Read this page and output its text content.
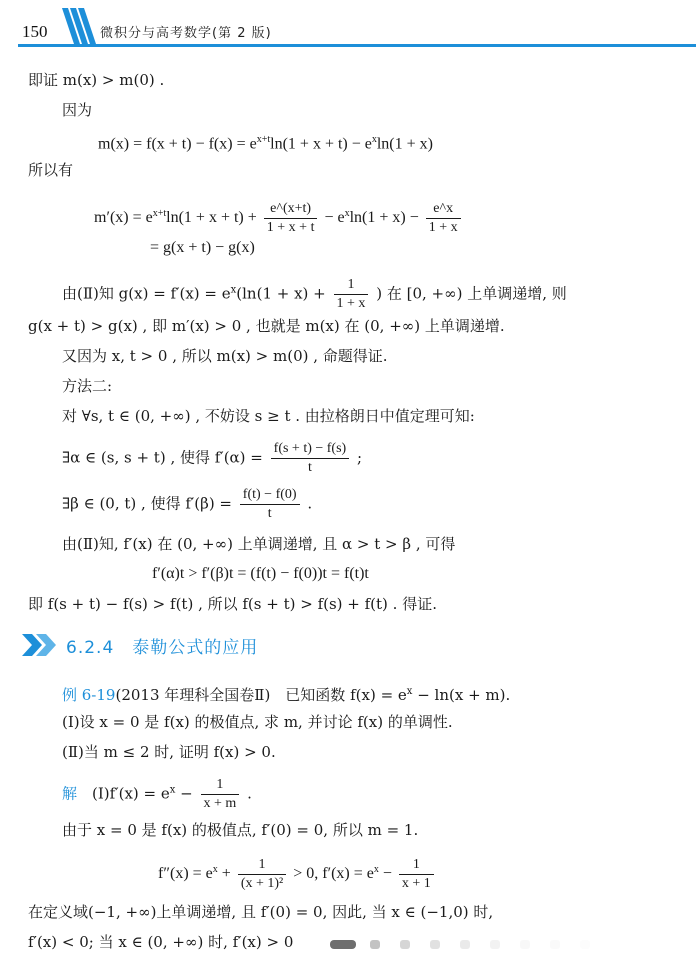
150	微积分与高考数学(第 2 版)
即证 m(x) > m(0) .
因为
$m(x) = f(x + t) - f(x) = e^{x+t}\ln(1 + x + t) - e^x\ln(1 + x)$
所以有
$m'(x) = e^{x+t}\ln(1 + x + t) + \frac{e\^{}(x+t)}{1 + x + t} - e^x\ln(1 + x) - \frac{e\^{}x}{1 + x}$
= g(x + t) − g(x)
由(Ⅱ)知 $g(x) = f'(x) = e^x(\ln(1 + x) + \frac{1}{1 + x}$ ) 在 [0, +∞) 上单调递增, 则
g(x + t) > g(x) , 即 m′(x) > 0 , 也就是 m(x) 在 (0, +∞) 上单调递增.
又因为 x, t > 0 , 所以 m(x) > m(0) , 命题得证.
方法二:
对 ∀s, t ∈ (0, +∞) , 不妨设 s ≥ t . 由拉格朗日中值定理可知:
∃α ∈ (s, s + t) , 使得 $f'(\alpha) = \frac{f(s + t) - f(s)}{t}$ ;
∃β ∈ (0, t) , 使得 $f'(\beta) = \frac{f(t) - f(0)}{t}$ .
由(Ⅱ)知, f′(x) 在 (0, +∞) 上单调递增, 且 α > t > β , 可得
f′(α)t > f′(β)t = (f(t) − f(0))t = f(t)t
即 f(s + t) − f(s) > f(t) , 所以 f(s + t) > f(s) + f(t) . 得证.
6.2.4　泰勒公式的应用
例 6-19(2013 年理科全国卷Ⅱ)　已知函数 $f(x) = e^x - \ln(x + m)$.
(Ⅰ)设 x = 0 是 f(x) 的极值点, 求 m, 并讨论 f(x) 的单调性.
(Ⅱ)当 m ≤ 2 时, 证明 f(x) > 0.
解　 (Ⅰ)f′(x) = $e^x - \frac{1}{x + m}$ .
由于 x = 0 是 f(x) 的极值点, f′(0) = 0, 所以 m = 1.
$f''(x) = e^x + \frac{1}{\text{(x + 1)²}} > 0$, $f'(x) = e^x - \frac{1}{x + 1}$
在定义域(−1, +∞)上单调递增, 且 f′(0) = 0, 因此, 当 x ∈ (−1,0) 时,
f′(x) < 0; 当 x ∈ (0, +∞) 时, f′(x) > 0
